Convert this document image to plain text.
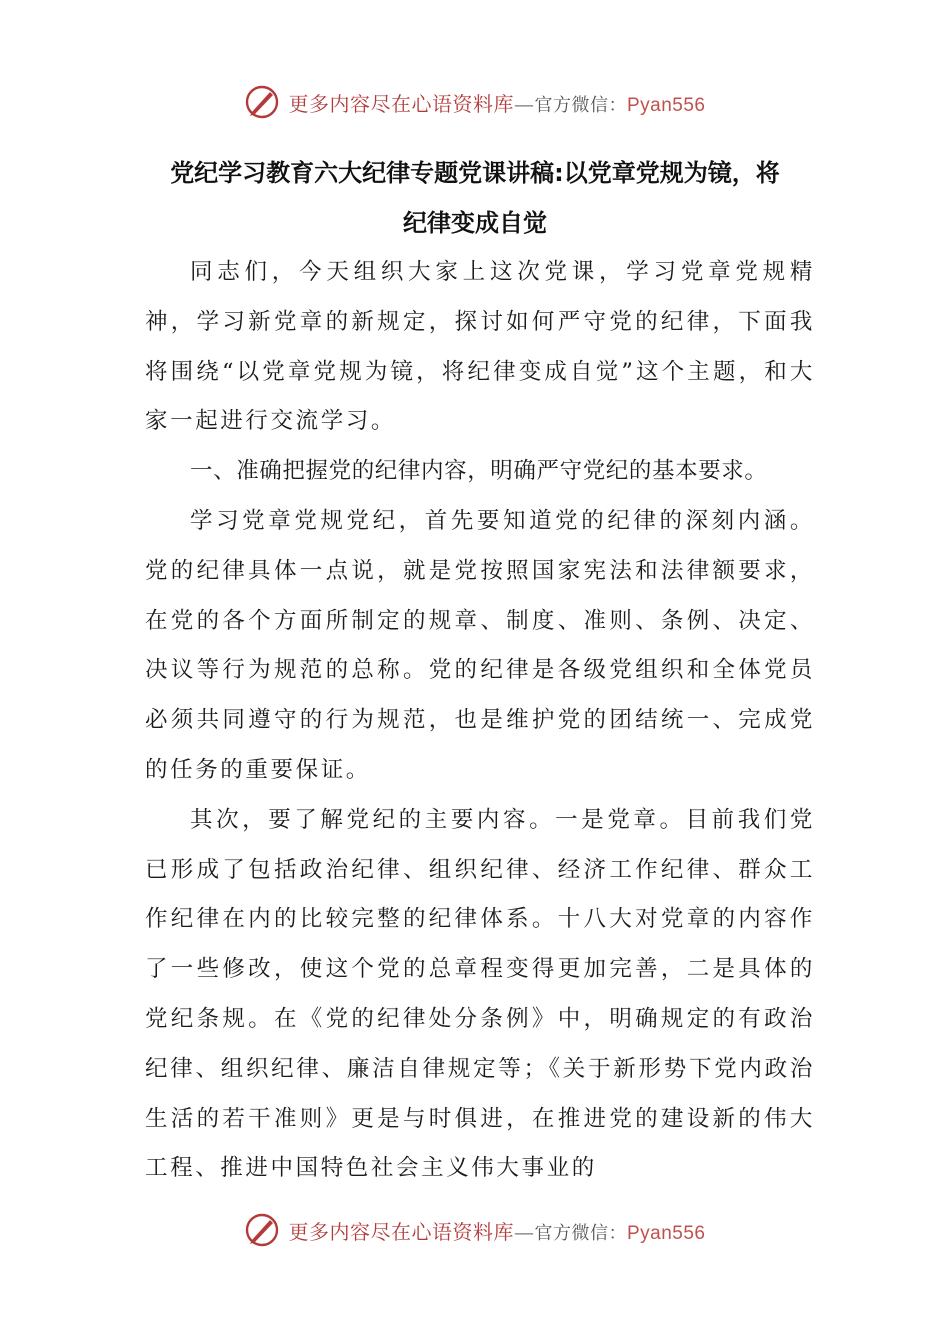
更多内容尽在心语资料库—官方微信：Pyan556
党纪学习教育六大纪律专题党课讲稿:以党章党规为镜，将
纪律变成自觉

同志们，今天组织大家上这次党课，学习党章党规精神，学习新党章的新规定，探讨如何严守党的纪律，下面我将围绕“以党章党规为镜，将纪律变成自觉”这个主题，和大家一起进行交流学习。

一、准确把握党的纪律内容，明确严守党纪的基本要求。

学习党章党规党纪，首先要知道党的纪律的深刻内涵。党的纪律具体一点说，就是党按照国家宪法和法律额要求，在党的各个方面所制定的规章、制度、准则、条例、决定、决议等行为规范的总称。党的纪律是各级党组织和全体党员必须共同遵守的行为规范，也是维护党的团结统一、完成党的任务的重要保证。

其次，要了解党纪的主要内容。一是党章。目前我们党已形成了包括政治纪律、组织纪律、经济工作纪律、群众工作纪律在内的比较完整的纪律体系。十八大对党章的内容作了一些修改，使这个党的总章程变得更加完善，二是具体的党纪条规。在《党的纪律处分条例》中，明确规定的有政治纪律、组织纪律、廉洁自律规定等；《关于新形势下党内政治生活的若干准则》更是与时俱进，在推进党的建设新的伟大工程、推进中国特色社会主义伟大事业的

更多内容尽在心语资料库—官方微信：Pyan556
